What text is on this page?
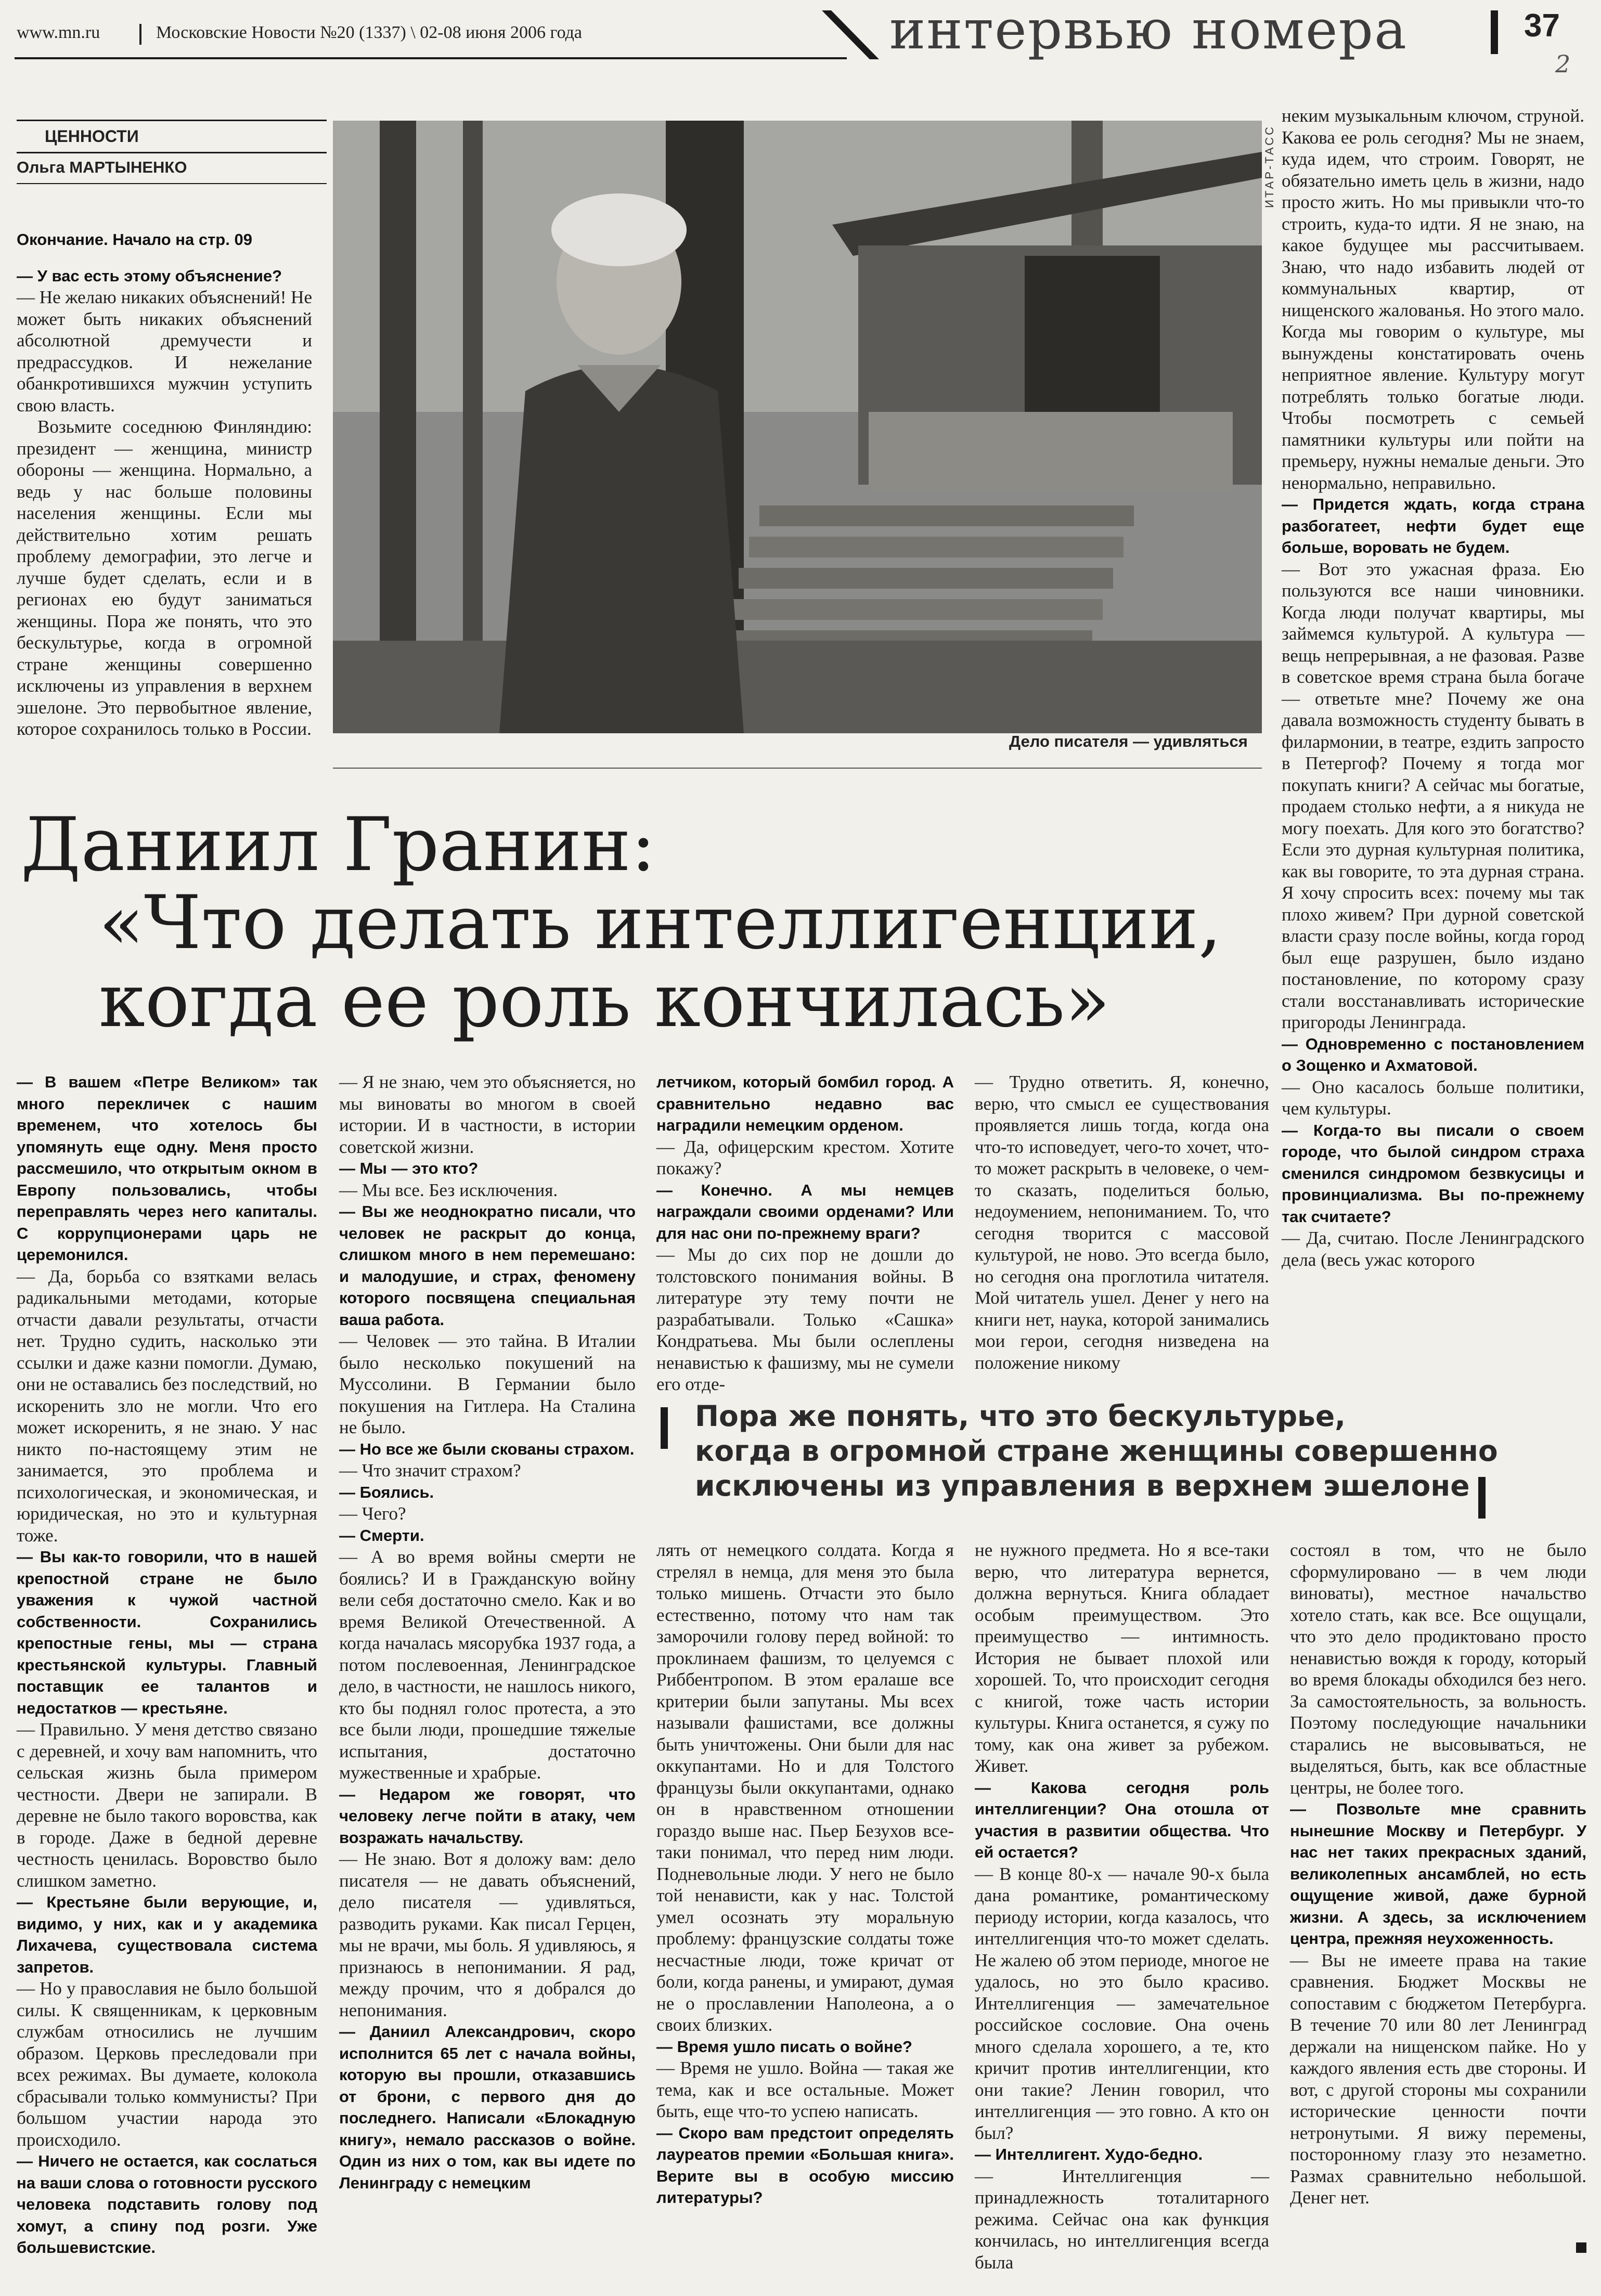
www.mn.ru	Московские Новости №20 (1337) \ 02-08 июня 2006 года	интервью номера	37
2
ЦЕННОСТИ
Ольга МАРТЫНЕНКО

Окончание. Начало на стр. 09

— У вас есть этому объяснение?

— Не желаю никаких объяснений! Не может быть никаких объяснений абсолютной дремучести и предрассудков. И нежелание обанкротившихся мужчин уступить свою власть.

Возьмите соседнюю Финляндию: президент — женщина, министр обороны — женщина. Нормально, а ведь у нас больше половины населения женщины. Если мы действительно хотим решать проблему демографии, это легче и лучше будет сделать, если и в регионах ею будут заниматься женщины. Пора же понять, что это бескультурье, когда в огромной стране женщины совершенно исключены из управления в верхнем эшелоне. Это первобытное явление, которое сохранилось только в России.

ИТАР-ТАСС
Дело писателя — удивляться

неким музыкальным ключом, струной. Какова ее роль сегодня? Мы не знаем, куда идем, что строим. Говорят, не обязательно иметь цель в жизни, надо просто жить. Но мы привыкли что-то строить, куда-то идти. Я не знаю, на какое будущее мы рассчитываем. Знаю, что надо избавить людей от коммунальных квартир, от нищенского жалованья. Но этого мало. Когда мы говорим о культуре, мы вынуждены констатировать очень неприятное явление. Культуру могут потреблять только богатые люди. Чтобы посмотреть с семьей памятники культуры или пойти на премьеру, нужны немалые деньги. Это ненормально, неправильно.

— Придется ждать, когда страна разбогатеет, нефти будет еще больше, воровать не будем.

— Вот это ужасная фраза. Ею пользуются все наши чиновники. Когда люди получат квартиры, мы займемся культурой. А культура — вещь непрерывная, а не фазовая. Разве в советское время страна была богаче — ответьте мне? Почему же она давала возможность студенту бывать в филармонии, в театре, ездить запросто в Петергоф? Почему я тогда мог покупать книги? А сейчас мы богатые, продаем столько нефти, а я никуда не могу поехать. Для кого это богатство? Если это дурная культурная политика, как вы говорите, то эта дурная страна. Я хочу спросить всех: почему мы так плохо живем? При дурной советской власти сразу после войны, когда город был еще разрушен, было издано постановление, по которому сразу стали восстанавливать исторические пригороды Ленинграда.

— Одновременно с постановлением о Зощенко и Ахматовой.

— Оно касалось больше политики, чем культуры.

— Когда-то вы писали о своем городе, что былой синдром страха сменился синдромом безвкусицы и провинциализма. Вы по-прежнему так считаете?

— Да, считаю. После Ленинградского дела (весь ужас которого

Даниил Гранин:
«Что делать интеллигенции,
когда ее роль кончилась»

— В вашем «Петре Великом» так много перекличек с нашим временем, что хотелось бы упомянуть еще одну. Меня просто рассмешило, что открытым окном в Европу пользовались, чтобы переправлять через него капиталы. С коррупционерами царь не церемонился.

— Да, борьба со взятками велась радикальными методами, которые отчасти давали результаты, отчасти нет. Трудно судить, насколько эти ссылки и даже казни помогли. Думаю, они не оставались без последствий, но искоренить зло не могли. Что его может искоренить, я не знаю. У нас никто по-настоящему этим не занимается, это проблема и психологическая, и экономическая, и юридическая, но это и культурная тоже.

— Вы как-то говорили, что в нашей крепостной стране не было уважения к чужой частной собственности. Сохранились крепостные гены, мы — страна крестьянской культуры. Главный поставщик ее талантов и недостатков — крестьяне.

— Правильно. У меня детство связано с деревней, и хочу вам напомнить, что сельская жизнь была примером честности. Двери не запирали. В деревне не было такого воровства, как в городе. Даже в бедной деревне честность ценилась. Воровство было слишком заметно.

— Крестьяне были верующие, и, видимо, у них, как и у академика Лихачева, существовала система запретов.

— Но у православия не было большой силы. К священникам, к церковным службам относились не лучшим образом. Церковь преследовали при всех режимах. Вы думаете, колокола сбрасывали только коммунисты? При большом участии народа это происходило.

— Ничего не остается, как сослаться на ваши слова о готовности русского человека подставить голову под хомут, а спину под розги. Уже большевистские.

— Я не знаю, чем это объясняется, но мы виноваты во многом в своей истории. И в частности, в истории советской жизни.

— Мы — это кто?

— Мы все. Без исключения.

— Вы же неоднократно писали, что человек не раскрыт до конца, слишком много в нем перемешано: и малодушие, и страх, феномену которого посвящена специальная ваша работа.

— Человек — это тайна. В Италии было несколько покушений на Муссолини. В Германии было покушения на Гитлера. На Сталина не было.

— Но все же были скованы страхом.

— Что значит страхом?

— Боялись.

— Чего?

— Смерти.

— А во время войны смерти не боялись? И в Гражданскую войну вели себя достаточно смело. Как и во время Великой Отечественной. А когда началась мясорубка 1937 года, а потом послевоенная, Ленинградское дело, в частности, не нашлось никого, кто бы поднял голос протеста, а это все были люди, прошедшие тяжелые испытания, достаточно мужественные и храбрые.

— Недаром же говорят, что человеку легче пойти в атаку, чем возражать начальству.

— Не знаю. Вот я доложу вам: дело писателя — не давать объяснений, дело писателя — удивляться, разводить руками. Как писал Герцен, мы не врачи, мы боль. Я удивляюсь, я признаюсь в непонимании. Я рад, между прочим, что я добрался до непонимания.

— Даниил Александрович, скоро исполнится 65 лет с начала войны, которую вы прошли, отказавшись от брони, с первого дня до последнего. Написали «Блокадную книгу», немало рассказов о войне. Один из них о том, как вы идете по Ленинграду с немецким

летчиком, который бомбил город. А сравнительно недавно вас наградили немецким орденом.

— Да, офицерским крестом. Хотите покажу?

— Конечно. А мы немцев награждали своими орденами? Или для нас они по-прежнему враги?

— Мы до сих пор не дошли до толстовского понимания войны. В литературе эту тему почти не разрабатывали. Только «Сашка» Кондратьева. Мы были ослеплены ненавистью к фашизму, мы не сумели его отде-

— Трудно ответить. Я, конечно, верю, что смысл ее существования проявляется лишь тогда, когда она что-то исповедует, чего-то хочет, что-то может раскрыть в человеке, о чем-то сказать, поделиться болью, недоумением, непониманием. То, что сегодня творится с массовой культурой, не ново. Это всегда было, но сегодня она проглотила читателя. Мой читатель ушел. Денег у него на книги нет, наука, которой занимались мои герои, сегодня низведена на положение никому

Пора же понять, что это бескультурье,
когда в огромной стране женщины совершенно
исключены из управления в верхнем эшелоне

лять от немецкого солдата. Когда я стрелял в немца, для меня это была только мишень. Отчасти это было естественно, потому что нам так заморочили голову перед войной: то проклинаем фашизм, то целуемся с Риббентропом. В этом ералаше все критерии были запутаны. Мы всех называли фашистами, все должны быть уничтожены. Они были для нас оккупантами. Но и для Толстого французы были оккупантами, однако он в нравственном отношении гораздо выше нас. Пьер Безухов все-таки понимал, что перед ним люди. Подневольные люди. У него не было той ненависти, как у нас. Толстой умел осознать эту моральную проблему: французские солдаты тоже несчастные люди, тоже кричат от боли, когда ранены, и умирают, думая не о прославлении Наполеона, а о своих близких.

— Время ушло писать о войне?

— Время не ушло. Война — такая же тема, как и все остальные. Может быть, еще что-то успею написать.

— Скоро вам предстоит определять лауреатов премии «Большая книга». Верите вы в особую миссию литературы?

не нужного предмета. Но я все-таки верю, что литература вернется, должна вернуться. Книга обладает особым преимуществом. Это преимущество — интимность. История не бывает плохой или хорошей. То, что происходит сегодня с книгой, тоже часть истории культуры. Книга останется, я сужу по тому, как она живет за рубежом. Живет.

— Какова сегодня роль интеллигенции? Она отошла от участия в развитии общества. Что ей остается?

— В конце 80-х — начале 90-х была дана романтике, романтическому периоду истории, когда казалось, что интеллигенция что-то может сделать. Не жалею об этом периоде, многое не удалось, но это было красиво. Интеллигенция — замечательное российское сословие. Она очень много сделала хорошего, а те, кто кричит против интеллигенции, кто они такие? Ленин говорил, что интеллигенция — это говно. А кто он был?

— Интеллигент. Худо-бедно.

— Интеллигенция — принадлежность тоталитарного режима. Сейчас она как функция кончилась, но интеллигенция всегда была

состоял в том, что не было сформулировано — в чем люди виноваты), местное начальство хотело стать, как все. Все ощущали, что это дело продиктовано просто ненавистью вождя к городу, который во время блокады обходился без него. За самостоятельность, за вольность. Поэтому последующие начальники старались не высовываться, не выделяться, быть, как все областные центры, не более того.

— Позвольте мне сравнить нынешние Москву и Петербург. У нас нет таких прекрасных зданий, великолепных ансамблей, но есть ощущение живой, даже бурной жизни. А здесь, за исключением центра, прежняя неухоженность.

— Вы не имеете права на такие сравнения. Бюджет Москвы не сопоставим с бюджетом Петербурга. В течение 70 или 80 лет Ленинград держали на нищенском пайке. Но у каждого явления есть две стороны. И вот, с другой стороны мы сохранили исторические ценности почти нетронутыми. Я вижу перемены, посторонному глазу это незаметно. Размах сравнительно небольшой. Денег нет.
